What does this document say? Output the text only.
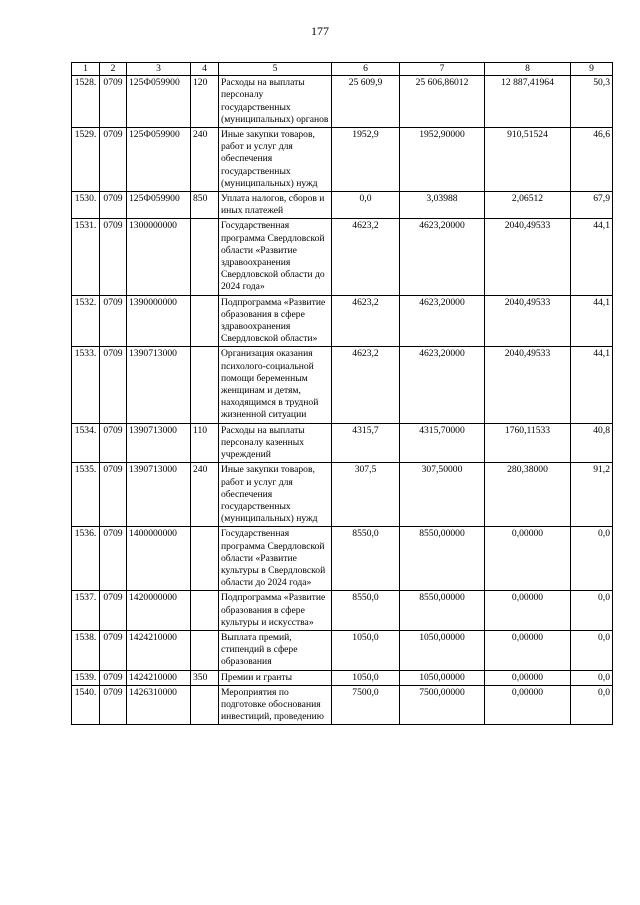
177
1	2	3	4	5	6	7	8	9
1528.	0709	125Ф059900	120	Расходы на выплаты персоналу государственных (муниципальных) органов	25 609,9	25 606,86012	12 887,41964	50,3
1529.	0709	125Ф059900	240	Иные закупки товаров, работ и услуг для обеспечения государственных (муниципальных) нужд	1952,9	1952,90000	910,51524	46,6
1530.	0709	125Ф059900	850	Уплата налогов, сборов и иных платежей	0,0	3,03988	2,06512	67,9
1531.	0709	1300000000		Государственная программа Свердловской области «Развитие здравоохранения Свердловской области до 2024 года»	4623,2	4623,20000	2040,49533	44,1
1532.	0709	1390000000		Подпрограмма «Развитие образования в сфере здравоохранения Свердловской области»	4623,2	4623,20000	2040,49533	44,1
1533.	0709	1390713000		Организация оказания психолого-социальной помощи беременным женщинам и детям, находящимся в трудной жизненной ситуации	4623,2	4623,20000	2040,49533	44,1
1534.	0709	1390713000	110	Расходы на выплаты персоналу казенных учреждений	4315,7	4315,70000	1760,11533	40,8
1535.	0709	1390713000	240	Иные закупки товаров, работ и услуг для обеспечения государственных (муниципальных) нужд	307,5	307,50000	280,38000	91,2
1536.	0709	1400000000		Государственная программа Свердловской области «Развитие культуры в Свердловской области до 2024 года»	8550,0	8550,00000	0,00000	0,0
1537.	0709	1420000000		Подпрограмма «Развитие образования в сфере культуры и искусства»	8550,0	8550,00000	0,00000	0,0
1538.	0709	1424210000		Выплата премий, стипендий в сфере образования	1050,0	1050,00000	0,00000	0,0
1539.	0709	1424210000	350	Премии и гранты	1050,0	1050,00000	0,00000	0,0
1540.	0709	1426310000		Мероприятия по подготовке обоснования инвестиций, проведению	7500,0	7500,00000	0,00000	0,0
